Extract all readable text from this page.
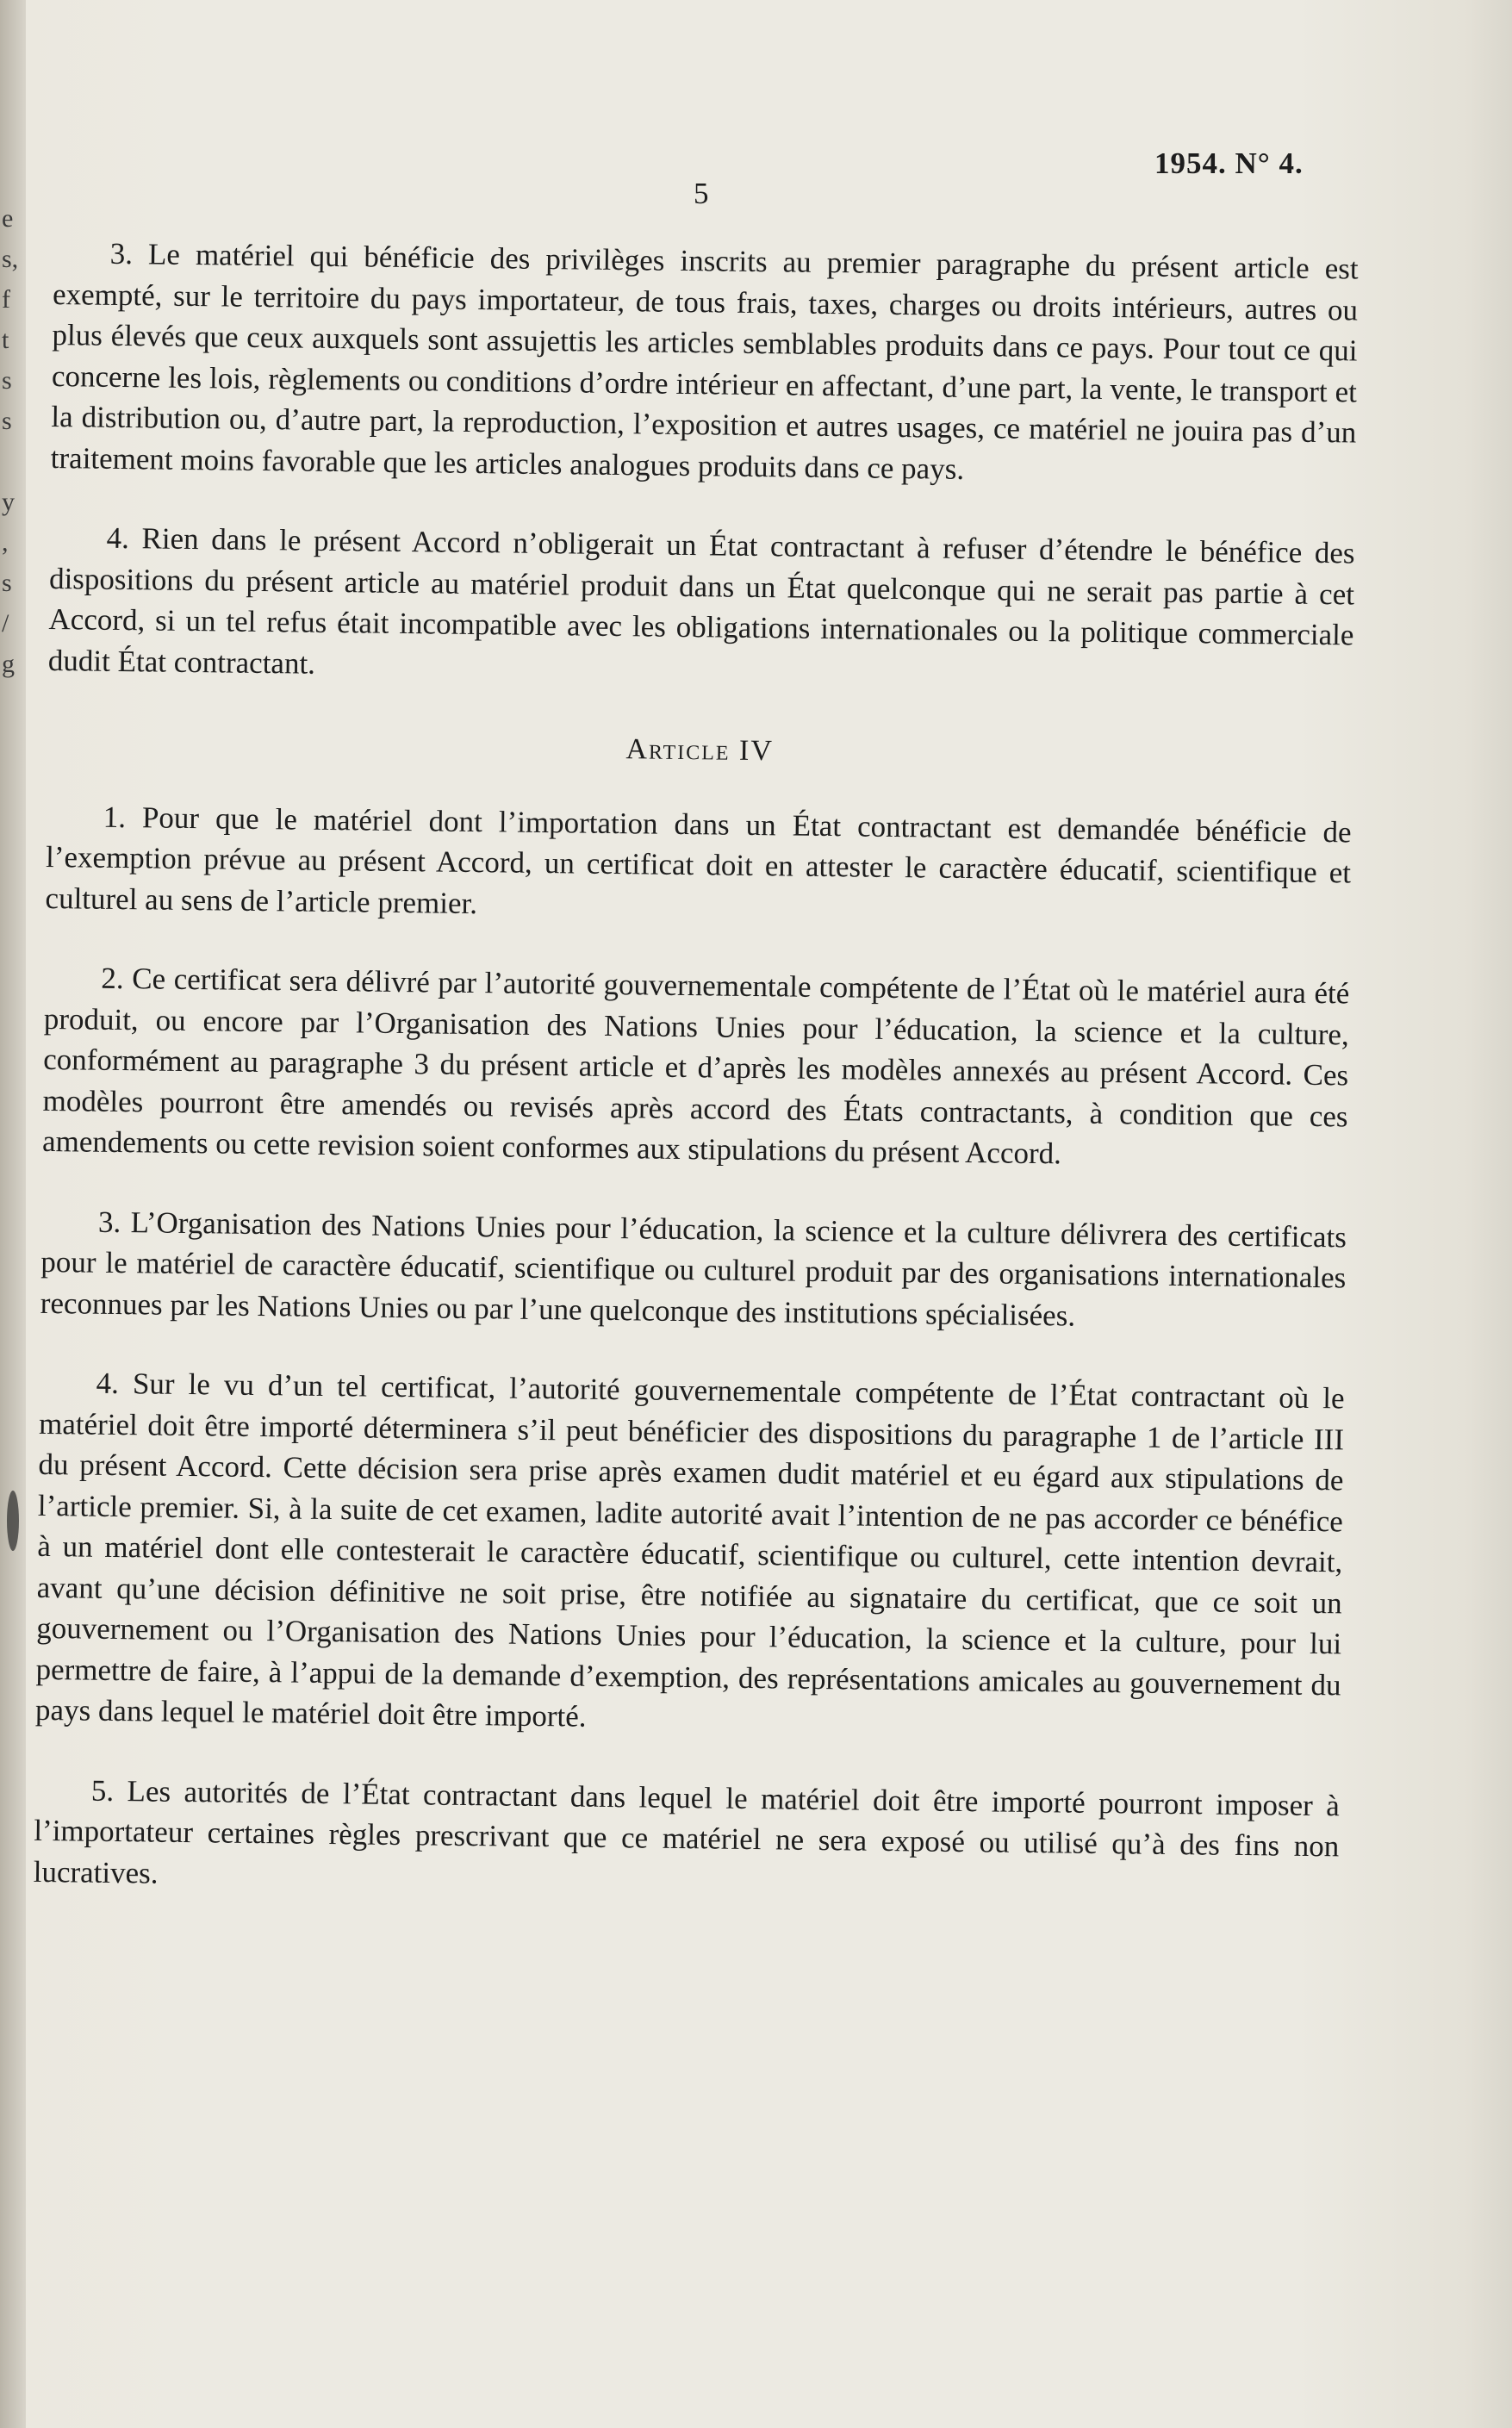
e
s,
f
t
s
s
y
,
s
/
g
1954. N° 4.
5

3. Le matériel qui bénéficie des privilèges inscrits au premier paragraphe du présent article est exempté, sur le territoire du pays importateur, de tous frais, taxes, charges ou droits intérieurs, autres ou plus élevés que ceux auxquels sont assujettis les articles semblables produits dans ce pays. Pour tout ce qui concerne les lois, règlements ou conditions d’ordre intérieur en affectant, d’une part, la vente, le transport et la distribution ou, d’autre part, la reproduction, l’exposition et autres usages, ce matériel ne jouira pas d’un traitement moins favorable que les articles analogues produits dans ce pays.

4. Rien dans le présent Accord n’obligerait un État contractant à refuser d’étendre le bénéfice des dispositions du présent article au matériel produit dans un État quelconque qui ne serait pas partie à cet Accord, si un tel refus était incompatible avec les obligations internationales ou la politique commerciale dudit État contractant.

Article IV

1. Pour que le matériel dont l’importation dans un État contractant est demandée bénéficie de l’exemption prévue au présent Accord, un certificat doit en attester le caractère éducatif, scientifique et culturel au sens de l’article premier.

2. Ce certificat sera délivré par l’autorité gouvernementale compétente de l’État où le matériel aura été produit, ou encore par l’Organisation des Nations Unies pour l’éducation, la science et la culture, conformément au paragraphe 3 du présent article et d’après les modèles annexés au présent Accord. Ces modèles pourront être amendés ou revisés après accord des États contractants, à condition que ces amendements ou cette revision soient conformes aux stipulations du présent Accord.

3. L’Organisation des Nations Unies pour l’éducation, la science et la culture délivrera des certificats pour le matériel de caractère éducatif, scientifique ou culturel produit par des organisations internationales reconnues par les Nations Unies ou par l’une quelconque des institutions spécialisées.

4. Sur le vu d’un tel certificat, l’autorité gouvernementale compétente de l’État contractant où le matériel doit être importé déterminera s’il peut bénéficier des dispositions du paragraphe 1 de l’article III du présent Accord. Cette décision sera prise après examen dudit matériel et eu égard aux stipulations de l’article premier. Si, à la suite de cet examen, ladite autorité avait l’intention de ne pas accorder ce bénéfice à un matériel dont elle contesterait le caractère éducatif, scientifique ou culturel, cette intention devrait, avant qu’une décision définitive ne soit prise, être notifiée au signataire du certificat, que ce soit un gouvernement ou l’Organisation des Nations Unies pour l’éducation, la science et la culture, pour lui permettre de faire, à l’appui de la demande d’exemption, des représentations amicales au gouvernement du pays dans lequel le matériel doit être importé.

5. Les autorités de l’État contractant dans lequel le matériel doit être importé pourront imposer à l’importateur certaines règles prescrivant que ce matériel ne sera exposé ou utilisé qu’à des fins non lucratives.
